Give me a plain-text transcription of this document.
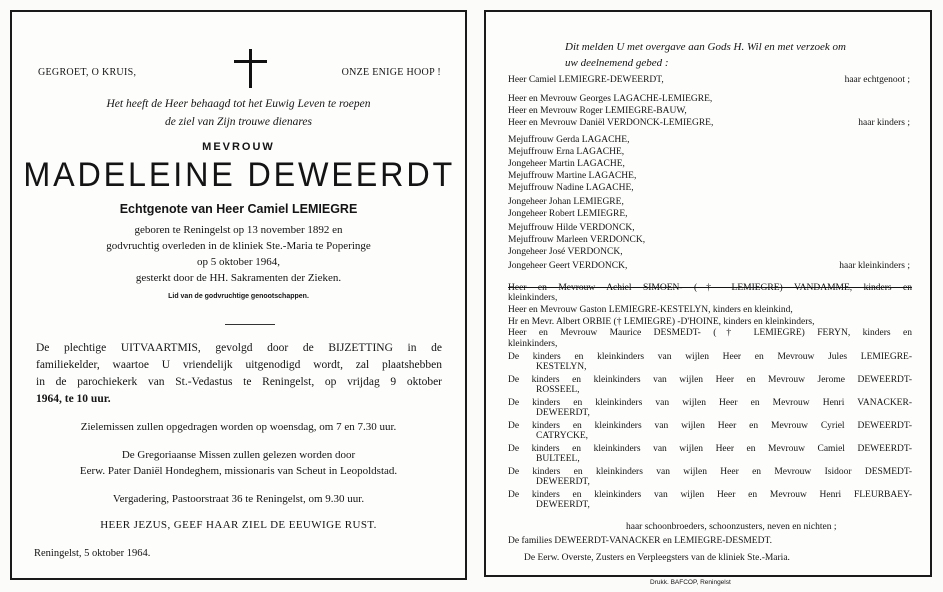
GEGROET, O KRUIS,	ONZE ENIGE HOOP !
Het heeft de Heer behaagd tot het Euwig Leven te roepen
de ziel van Zijn trouwe dienares
MEVROUW
MADELEINE DEWEERDT
Echtgenote van Heer Camiel LEMIEGRE
geboren te Reningelst op 13 november 1892 en
godvruchtig overleden in de kliniek Ste.-Maria te Poperinge
op 5 oktober 1964,
gesterkt door de HH. Sakramenten der Zieken.
Lid van de godvruchtige genootschappen.
De plechtige UITVAARTMIS, gevolgd door de BIJZETTING in de
familiekelder, waartoe U vriendelijk uitgenodigd wordt, zal plaatshebben
in de parochiekerk van St.-Vedastus te Reningelst, op vrijdag 9 oktober
1964, te 10 uur.
Zielemissen zullen opgedragen worden op woensdag, om 7 en 7.30 uur.
De Gregoriaanse Missen zullen gelezen worden door
Eerw. Pater Daniël Hondeghem, missionaris van Scheut in Leopoldstad.
Vergadering, Pastoorstraat 36 te Reningelst, om 9.30 uur.
HEER JEZUS, GEEF HAAR ZIEL DE EEUWIGE RUST.
Reningelst, 5 oktober 1964.
Dit melden U met overgave aan Gods H. Wil en met verzoek om
uw deelnemend gebed :
Heer Camiel LEMIEGRE-DEWEERDT,	haar echtgenoot ;
Heer en Mevrouw Georges LAGACHE-LEMIEGRE,
Heer en Mevrouw Roger LEMIEGRE-BAUW,
Heer en Mevrouw Daniël VERDONCK-LEMIEGRE,	haar kinders ;
Mejuffrouw Gerda LAGACHE,
Mejuffrouw Erna LAGACHE,
Jongeheer Martin LAGACHE,
Mejuffrouw Martine LAGACHE,
Mejuffrouw Nadine LAGACHE,
Jongeheer Johan LEMIEGRE,
Jongeheer Robert LEMIEGRE,
Mejuffrouw Hilde VERDONCK,
Mejuffrouw Marleen VERDONCK,
Jongeheer José VERDONCK,
Jongeheer Geert VERDONCK,	haar kleinkinders ;
Heer en Mevrouw Achiel SIMOEN- († LEMIEGRE) VANDAMME, kinders en
kleinkinders,
Heer en Mevrouw Gaston LEMIEGRE-KESTELYN, kinders en kleinkind,
Hr en Mevr. Albert ORBIE († LEMIEGRE) -D'HOINE, kinders en kleinkinders,
Heer en Mevrouw Maurice DESMEDT- († LEMIEGRE) FERYN, kinders en
kleinkinders,
De kinders en kleinkinders van wijlen Heer en Mevrouw Jules LEMIEGRE-
KESTELYN,
De kinders en kleinkinders van wijlen Heer en Mevrouw Jerome DEWEERDT-
ROSSEEL,
De kinders en kleinkinders van wijlen Heer en Mevrouw Henri VANACKER-
DEWEERDT,
De kinders en kleinkinders van wijlen Heer en Mevrouw Cyriel DEWEERDT-
CATRYCKE,
De kinders en kleinkinders van wijlen Heer en Mevrouw Camiel DEWEERDT-
BULTEEL,
De kinders en kleinkinders van wijlen Heer en Mevrouw Isidoor DESMEDT-
DEWEERDT,
De kinders en kleinkinders van wijlen Heer en Mevrouw Henri FLEURBAEY-
DEWEERDT,
haar schoonbroeders, schoonzusters, neven en nichten ;
De families DEWEERDT-VANACKER en LEMIEGRE-DESMEDT.
De Eerw. Overste, Zusters en Verpleegsters van de kliniek Ste.-Maria.
Drukk. BAFCOP, Reningelst
